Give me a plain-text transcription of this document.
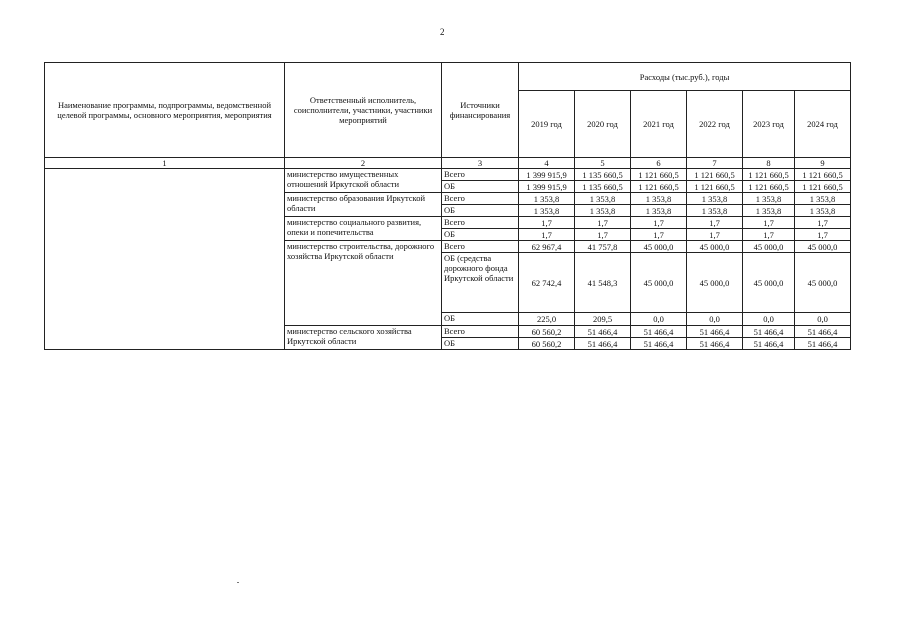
2
Наименование программы, подпрограммы, ведомственной целевой программы, основного мероприятия, мероприятия	Ответственный исполнитель, соисполнители, участники, участники мероприятий	Источники финансирования	Расходы (тыс.руб.), годы					
			2019 год	2020 год	2021 год	2022 год	2023 год	2024 год
1	2	3	4	5	6	7	8	9
	министерство имущественных отношений Иркутской области	Всего	1 399 915,9	1 135 660,5	1 121 660,5	1 121 660,5	1 121 660,5	1 121 660,5
		ОБ	1 399 915,9	1 135 660,5	1 121 660,5	1 121 660,5	1 121 660,5	1 121 660,5
	министерство образования Иркутской области	Всего	1 353,8	1 353,8	1 353,8	1 353,8	1 353,8	1 353,8
		ОБ	1 353,8	1 353,8	1 353,8	1 353,8	1 353,8	1 353,8
	министерство социального развития, опеки и попечительства	Всего	1,7	1,7	1,7	1,7	1,7	1,7
		ОБ	1,7	1,7	1,7	1,7	1,7	1,7
	министерство строительства, дорожного хозяйства Иркутской области	Всего	62 967,4	41 757,8	45 000,0	45 000,0	45 000,0	45 000,0
		ОБ (средства дорожного фонда Иркутской области	62 742,4	41 548,3	45 000,0	45 000,0	45 000,0	45 000,0
		ОБ	225,0	209,5	0,0	0,0	0,0	0,0
	министерство сельского хозяйства Иркутской области	Всего	60 560,2	51 466,4	51 466,4	51 466,4	51 466,4	51 466,4
		ОБ	60 560,2	51 466,4	51 466,4	51 466,4	51 466,4	51 466,4
